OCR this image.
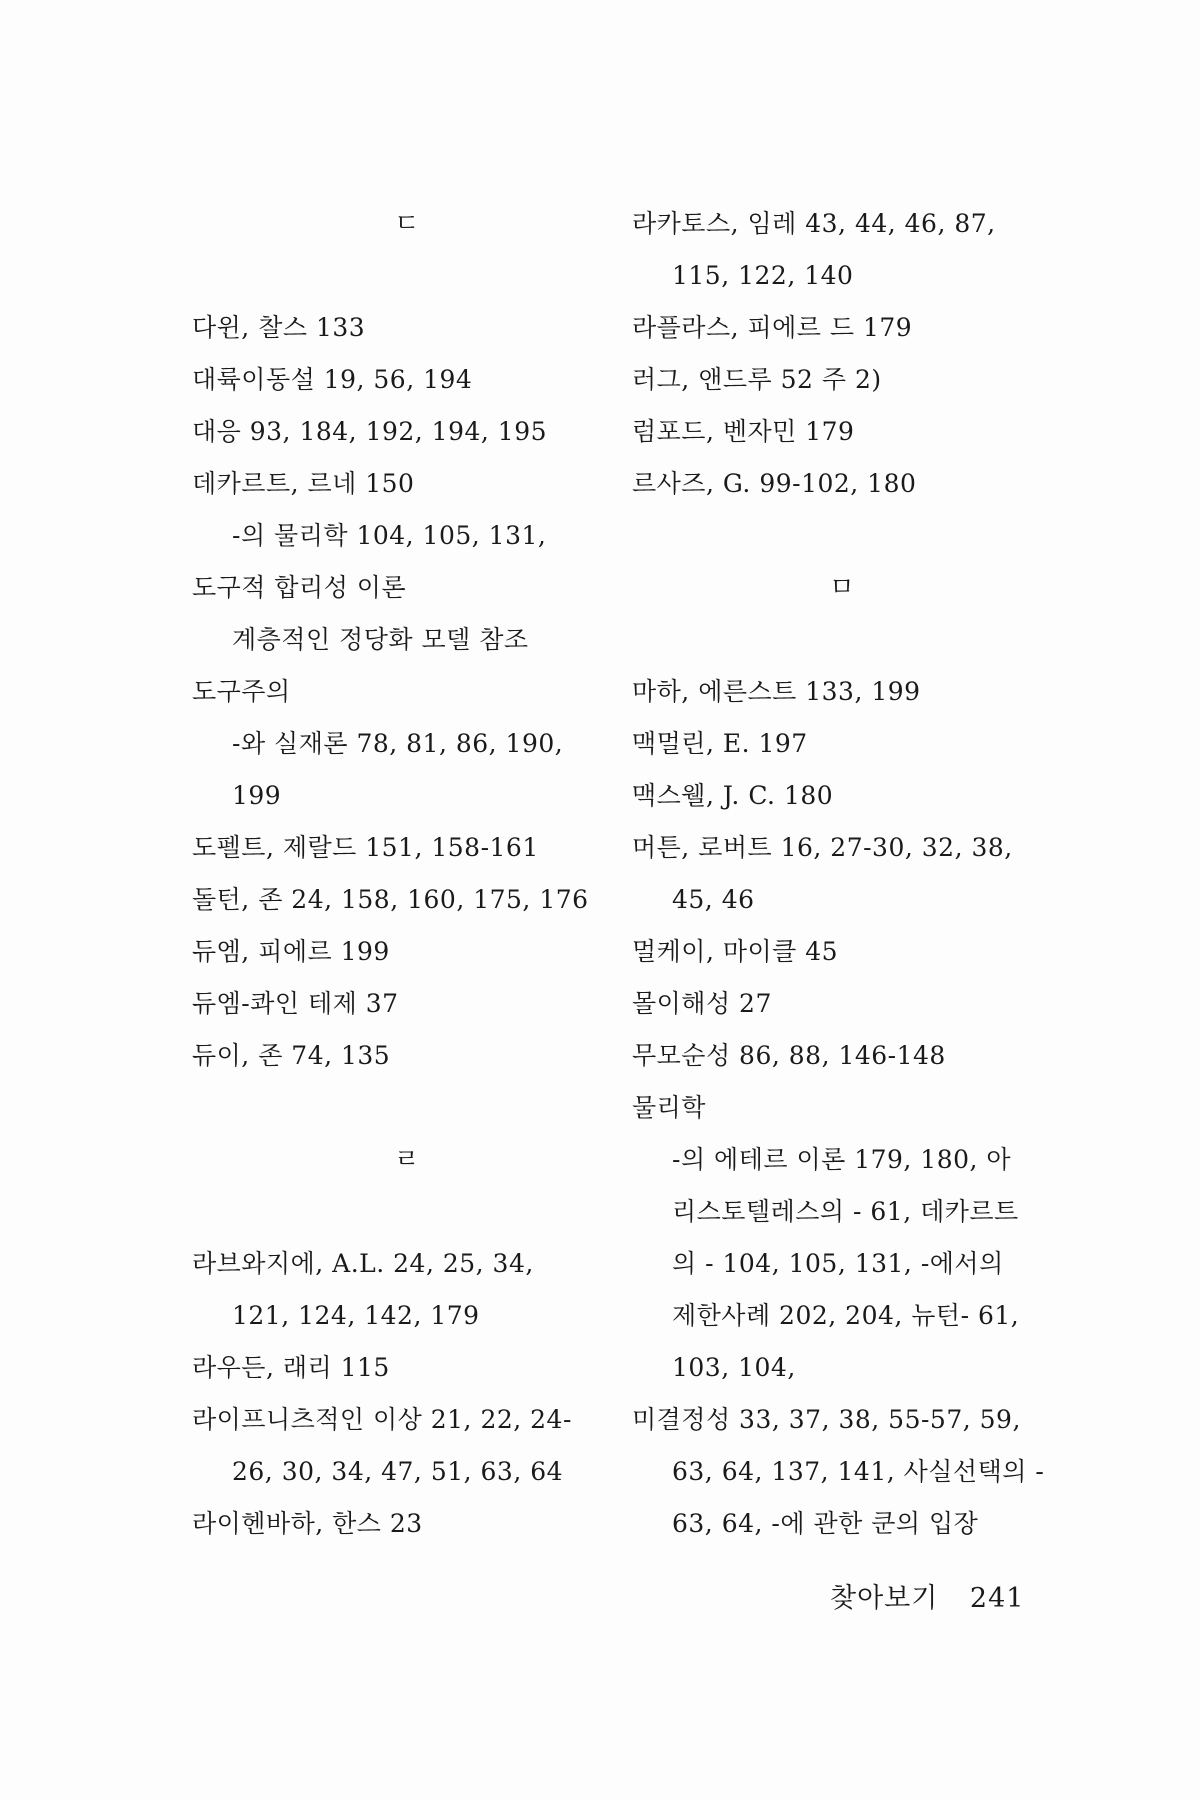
ㄷ
다윈, 찰스 133
대륙이동설 19, 56, 194
대응 93, 184, 192, 194, 195
데카르트, 르네 150
-의 물리학 104, 105, 131,
도구적 합리성 이론
계층적인 정당화 모델 참조
도구주의
-와 실재론 78, 81, 86, 190,
199
도펠트, 제랄드 151, 158-161
돌턴, 존 24, 158, 160, 175, 176
듀엠, 피에르 199
듀엠-콰인 테제 37
듀이, 존 74, 135
ㄹ
라브와지에, A.L. 24, 25, 34,
121, 124, 142, 179
라우든, 래리 115
라이프니츠적인 이상 21, 22, 24-
26, 30, 34, 47, 51, 63, 64
라이헨바하, 한스 23
라카토스, 임레 43, 44, 46, 87,
115, 122, 140
라플라스, 피에르 드 179
러그, 앤드루 52 주 2)
럼포드, 벤자민 179
르사즈, G. 99-102, 180
ㅁ
마하, 에른스트 133, 199
맥멀린, E. 197
맥스웰, J. C. 180
머튼, 로버트 16, 27-30, 32, 38,
45, 46
멀케이, 마이클 45
몰이해성 27
무모순성 86, 88, 146-148
물리학
-의 에테르 이론 179, 180, 아
리스토텔레스의 - 61, 데카르트
의 - 104, 105, 131, -에서의
제한사례 202, 204, 뉴턴- 61,
103, 104,
미결정성 33, 37, 38, 55-57, 59,
63, 64, 137, 141, 사실선택의 -
63, 64, -에 관한 쿤의 입장
찾아보기 241
